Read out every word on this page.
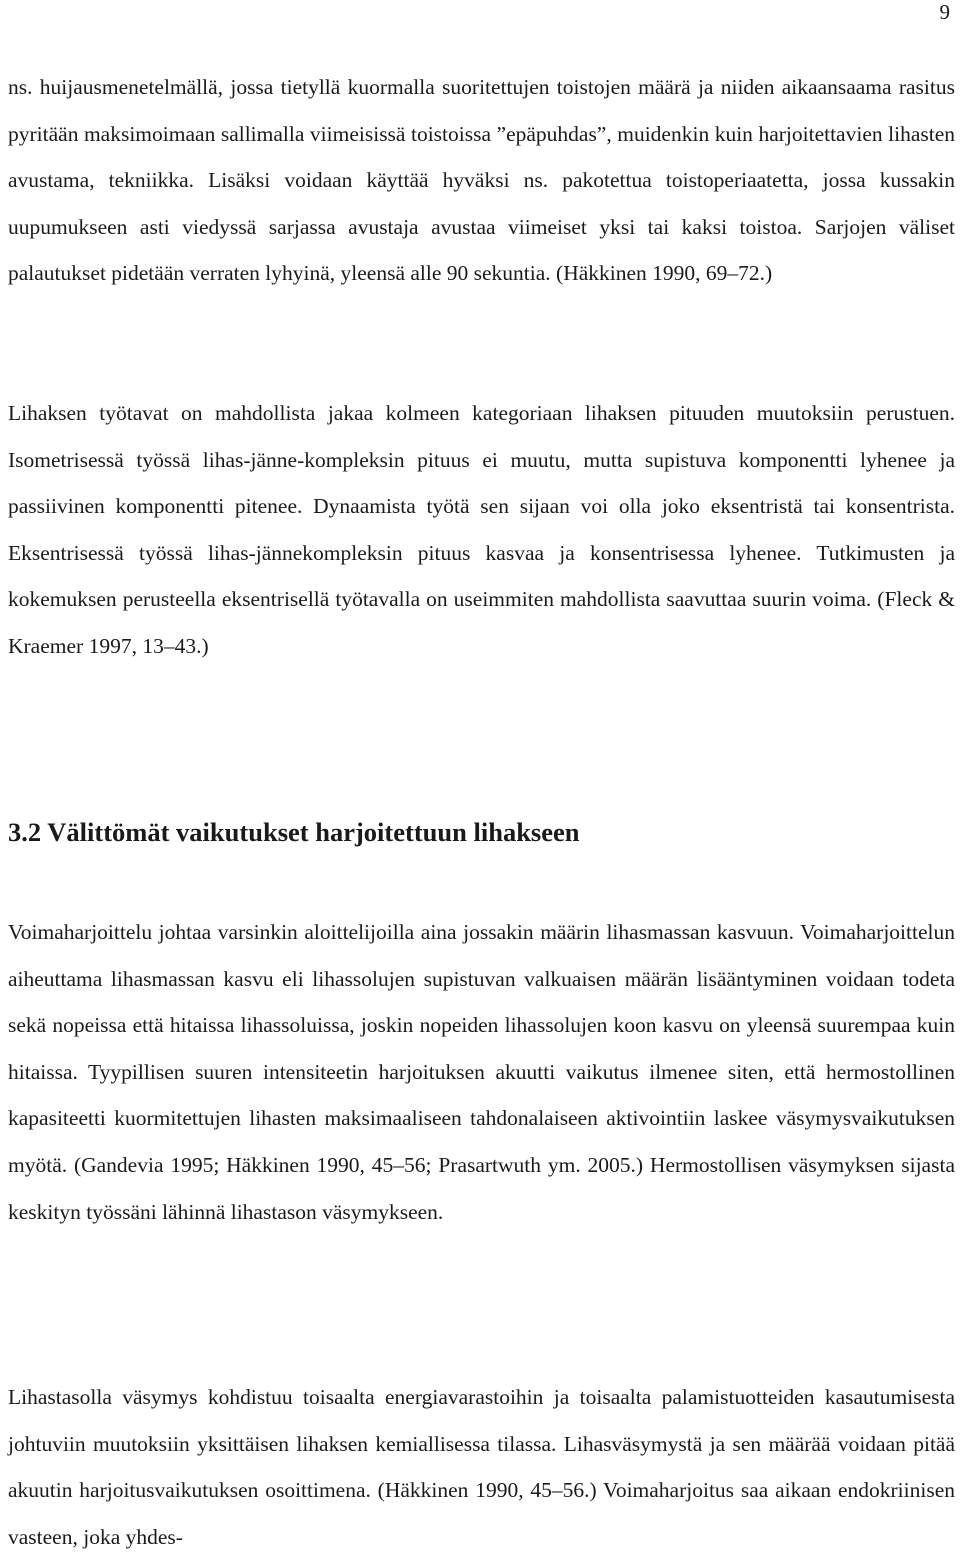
9

ns. huijausmenetelmällä, jossa tietyllä kuormalla suoritettujen toistojen määrä ja niiden aikaansaama rasitus pyritään maksimoimaan sallimalla viimeisissä toistoissa ”epäpuhdas”, muidenkin kuin harjoitettavien lihasten avustama, tekniikka. Lisäksi voidaan käyttää hyväksi ns. pakotettua toistoperiaatetta, jossa kussakin uupumukseen asti viedyssä sarjassa avustaja avustaa viimeiset yksi tai kaksi toistoa. Sarjojen väliset palautukset pidetään verraten lyhyinä, yleensä alle 90 sekuntia. (Häkkinen 1990, 69–72.)

Lihaksen työtavat on mahdollista jakaa kolmeen kategoriaan lihaksen pituuden muutoksiin perustuen. Isometrisessä työssä lihas-jänne-kompleksin pituus ei muutu, mutta supistuva komponentti lyhenee ja passiivinen komponentti pitenee. Dynaamista työtä sen sijaan voi olla joko eksentristä tai konsentrista. Eksentrisessä työssä lihas-jännekompleksin pituus kasvaa ja konsentrisessa lyhenee. Tutkimusten ja kokemuksen perusteella eksentrisellä työtavalla on useimmiten mahdollista saavuttaa suurin voima. (Fleck & Kraemer 1997, 13–43.)

3.2 Välittömät vaikutukset harjoitettuun lihakseen

Voimaharjoittelu johtaa varsinkin aloittelijoilla aina jossakin määrin lihasmassan kasvuun. Voimaharjoittelun aiheuttama lihasmassan kasvu eli lihassolujen supistuvan valkuaisen määrän lisääntyminen voidaan todeta sekä nopeissa että hitaissa lihassoluissa, joskin nopeiden lihassolujen koon kasvu on yleensä suurempaa kuin hitaissa. Tyypillisen suuren intensiteetin harjoituksen akuutti vaikutus ilmenee siten, että hermostollinen kapasiteetti kuormitettujen lihasten maksimaaliseen tahdonalaiseen aktivointiin laskee väsymysvaikutuksen myötä. (Gandevia 1995; Häkkinen 1990, 45–56; Prasartwuth ym. 2005.) Hermostollisen väsymyksen sijasta keskityn työssäni lähinnä lihastason väsymykseen.

Lihastasolla väsymys kohdistuu toisaalta energiavarastoihin ja toisaalta palamistuotteiden kasautumisesta johtuviin muutoksiin yksittäisen lihaksen kemiallisessa tilassa. Lihasväsymystä ja sen määrää voidaan pitää akuutin harjoitusvaikutuksen osoittimena. (Häkkinen 1990, 45–56.) Voimaharjoitus saa aikaan endokriinisen vasteen, joka yhdes-
